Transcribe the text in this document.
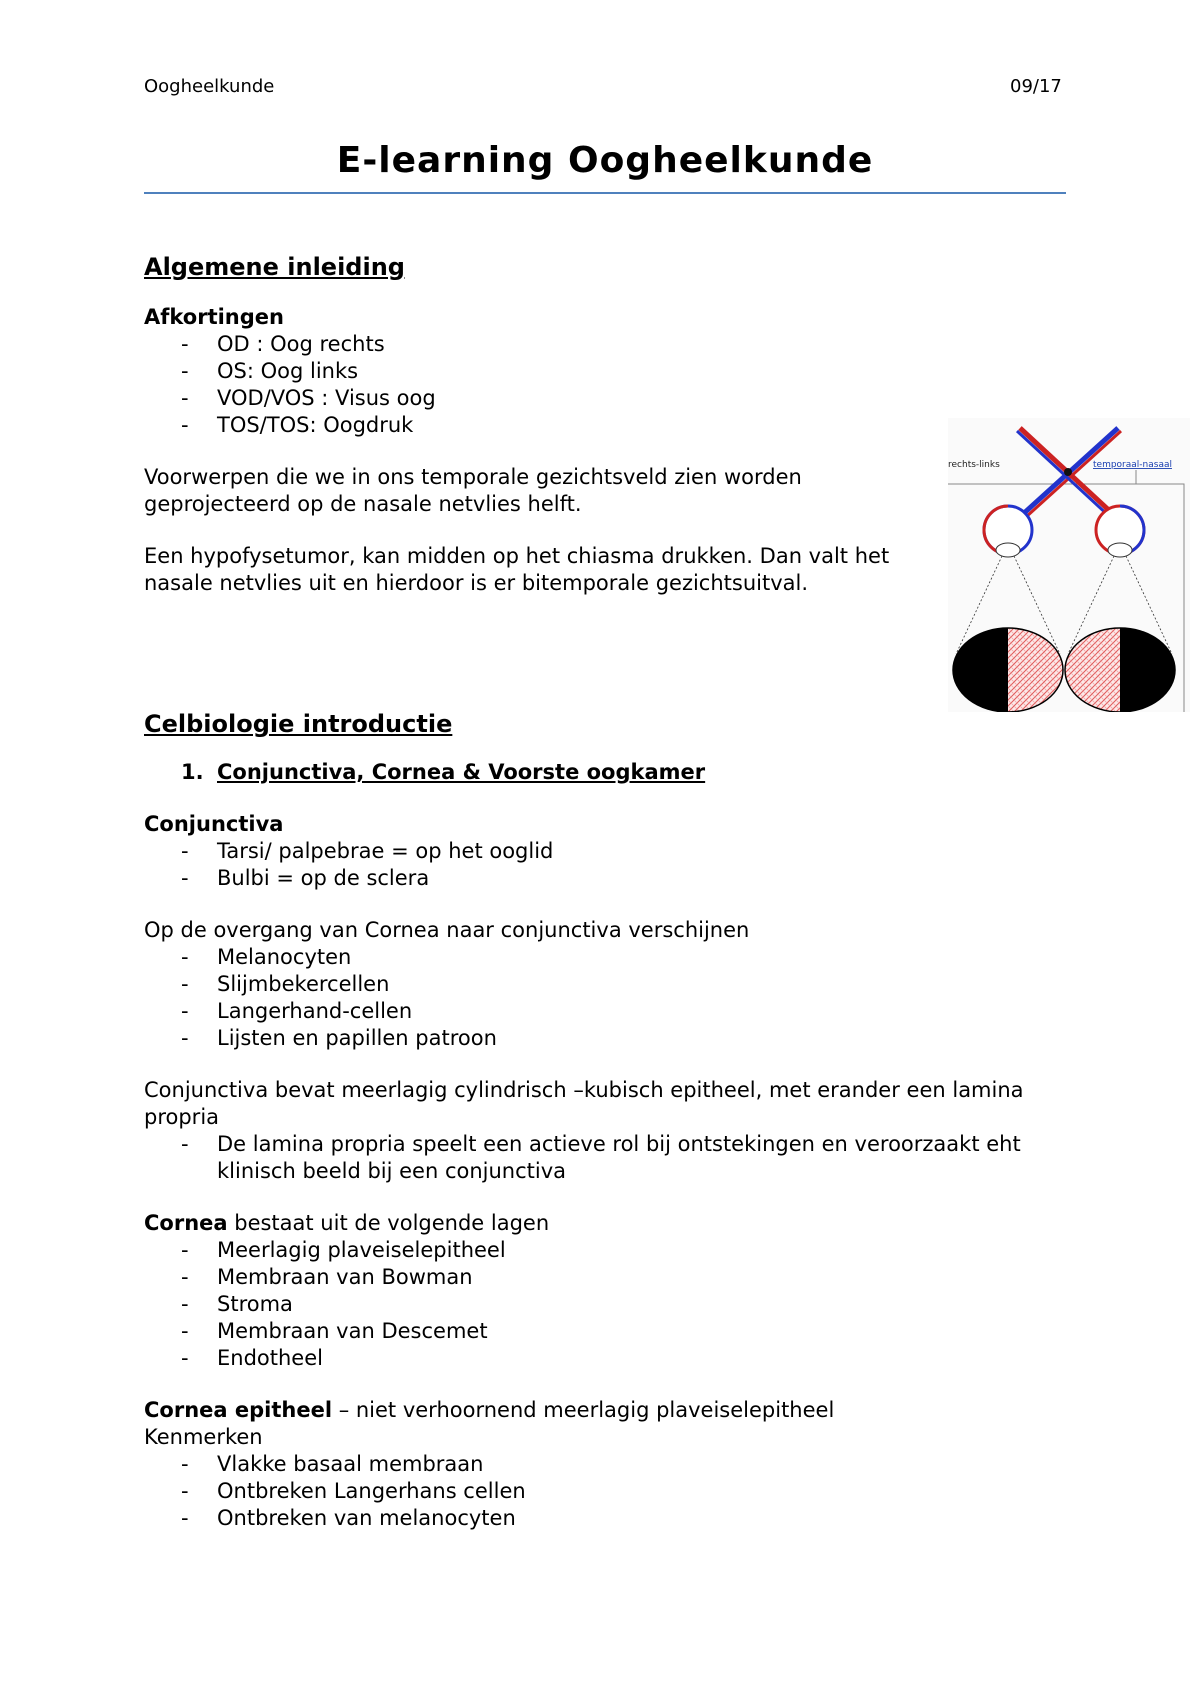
Oogheelkunde	09/17
E-learning Oogheelkunde

Algemene inleiding

Afkortingen

- OD : Oog rechts
- OS: Oog links
- VOD/VOS : Visus oog
- TOS/TOS: Oogdruk

Voorwerpen die we in ons temporale gezichtsveld zien worden geprojecteerd op de nasale netvlies helft.

Een hypofysetumor, kan midden op het chiasma drukken. Dan valt het nasale netvlies uit en hierdoor is er bitemporale gezichtsuitval.

Celbiologie introductie

1. Conjunctiva, Cornea & Voorste oogkamer

Conjunctiva

- Tarsi/ palpebrae = op het ooglid
- Bulbi = op de sclera

Op de overgang van Cornea naar conjunctiva verschijnen

- Melanocyten
- Slijmbekercellen
- Langerhand-cellen
- Lijsten en papillen patroon

Conjunctiva bevat meerlagig cylindrisch –kubisch epitheel, met erander een lamina propria

- De lamina propria speelt een actieve rol bij ontstekingen en veroorzaakt eht klinisch beeld bij een conjunctiva

Cornea bestaat uit de volgende lagen

- Meerlagig plaveiselepitheel
- Membraan van Bowman
- Stroma
- Membraan van Descemet
- Endotheel

Cornea epitheel – niet verhoornend meerlagig plaveiselepitheel

Kenmerken

- Vlakke basaal membraan
- Ontbreken Langerhans cellen
- Ontbreken van melanocyten
rechts-links	temporaal-nasaal
